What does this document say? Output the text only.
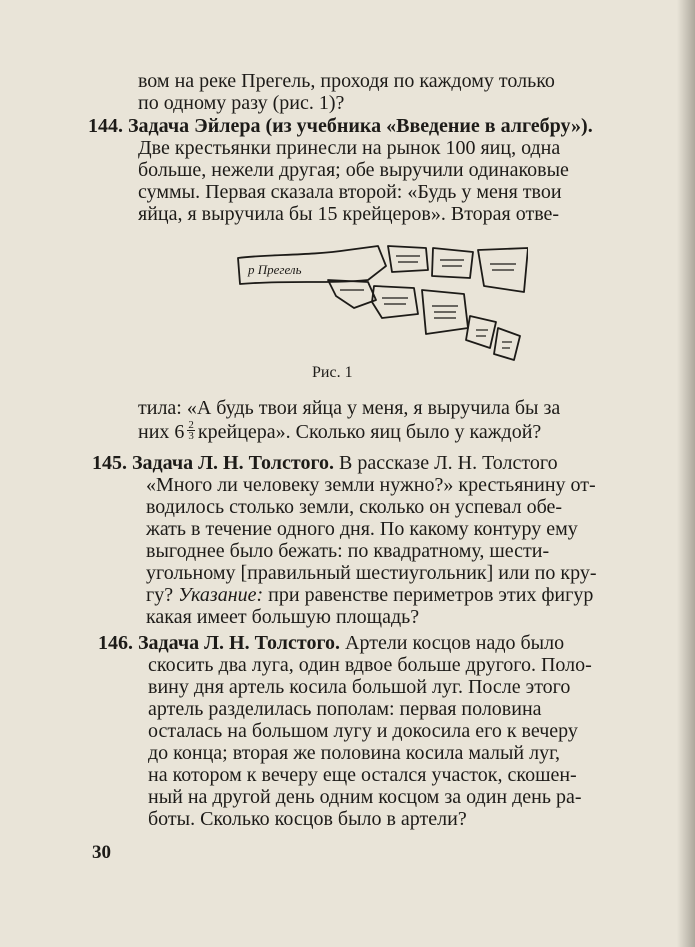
вом на реке Прегель, проходя по каждому только
по одному разу (рис. 1)?
144. Задача Эйлера (из учебника «Введение в алгебру»).
Две крестьянки принесли на рынок 100 яиц, одна
больше, нежели другая; обе выручили одинаковые
суммы. Первая сказала второй: «Будь у меня твои
яйца, я выручила бы 15 крейцеров». Вторая отве-
р Прегель
Рис. 1
тила: «А будь твои яйца у меня, я выручила бы за
них $6 \frac{2}{3}$ крейцера». Сколько яиц было у каждой?
145. Задача Л. Н. Толстого. В рассказе Л. Н. Толстого
«Много ли человеку земли нужно?» крестьянину от-
водилось столько земли, сколько он успевал обе-
жать в течение одного дня. По какому контуру ему
выгоднее было бежать: по квадратному, шести-
угольному [правильный шестиугольник] или по кру-
гу? Указание: при равенстве периметров этих фигур
какая имеет большую площадь?
146. Задача Л. Н. Толстого. Артели косцов надо было
скосить два луга, один вдвое больше другого. Поло-
вину дня артель косила большой луг. После этого
артель разделилась пополам: первая половина
осталась на большом лугу и докосила его к вечеру
до конца; вторая же половина косила малый луг,
на котором к вечеру еще остался участок, скошен-
ный на другой день одним косцом за один день ра-
боты. Сколько косцов было в артели?
30
